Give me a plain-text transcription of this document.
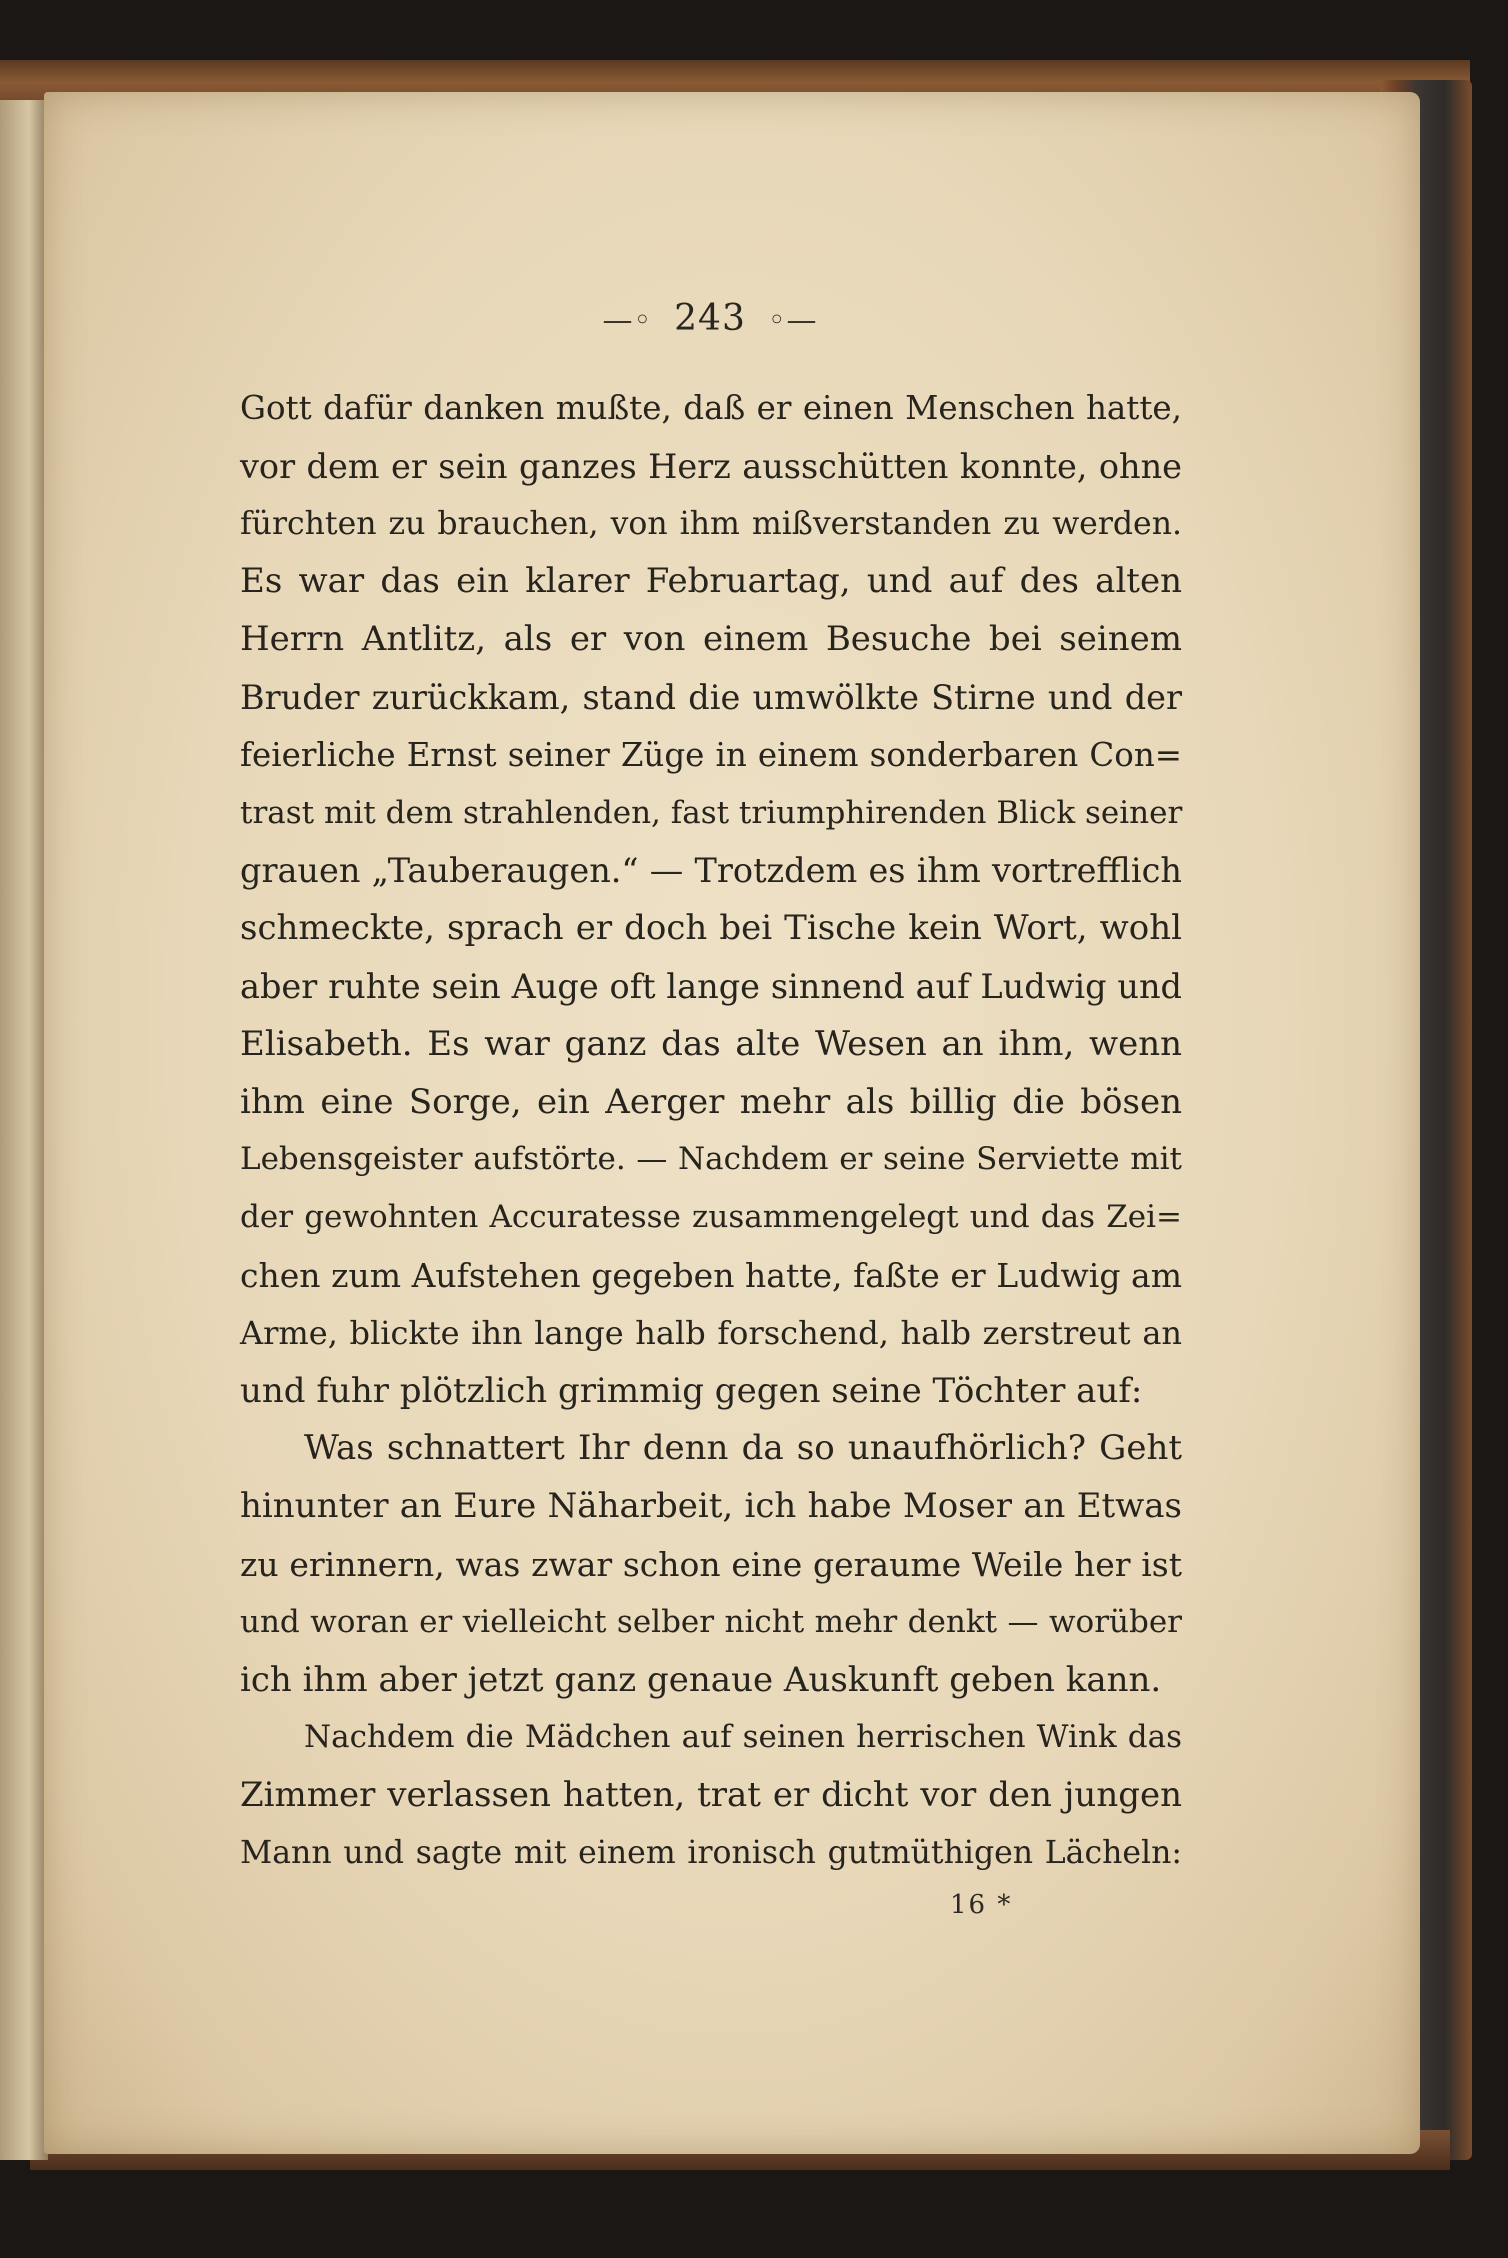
—◦ 243 ◦—
Gott dafür danken mußte, daß er einen Menschen hatte,
vor dem er sein ganzes Herz ausschütten konnte, ohne
fürchten zu brauchen, von ihm mißverstanden zu werden.
Es war das ein klarer Februartag, und auf des alten
Herrn Antlitz, als er von einem Besuche bei seinem
Bruder zurückkam, stand die umwölkte Stirne und der
feierliche Ernst seiner Züge in einem sonderbaren Con=
trast mit dem strahlenden, fast triumphirenden Blick seiner
grauen „Tauberaugen.“ — Trotzdem es ihm vortrefflich
schmeckte, sprach er doch bei Tische kein Wort, wohl
aber ruhte sein Auge oft lange sinnend auf Ludwig und
Elisabeth. Es war ganz das alte Wesen an ihm, wenn
ihm eine Sorge, ein Aerger mehr als billig die bösen
Lebensgeister aufstörte. — Nachdem er seine Serviette mit
der gewohnten Accuratesse zusammengelegt und das Zei=
chen zum Aufstehen gegeben hatte, faßte er Ludwig am
Arme, blickte ihn lange halb forschend, halb zerstreut an
und fuhr plötzlich grimmig gegen seine Töchter auf:
Was schnattert Ihr denn da so unaufhörlich? Geht
hinunter an Eure Näharbeit, ich habe Moser an Etwas
zu erinnern, was zwar schon eine geraume Weile her ist
und woran er vielleicht selber nicht mehr denkt — worüber
ich ihm aber jetzt ganz genaue Auskunft geben kann.
Nachdem die Mädchen auf seinen herrischen Wink das
Zimmer verlassen hatten, trat er dicht vor den jungen
Mann und sagte mit einem ironisch gutmüthigen Lächeln:
16 *
